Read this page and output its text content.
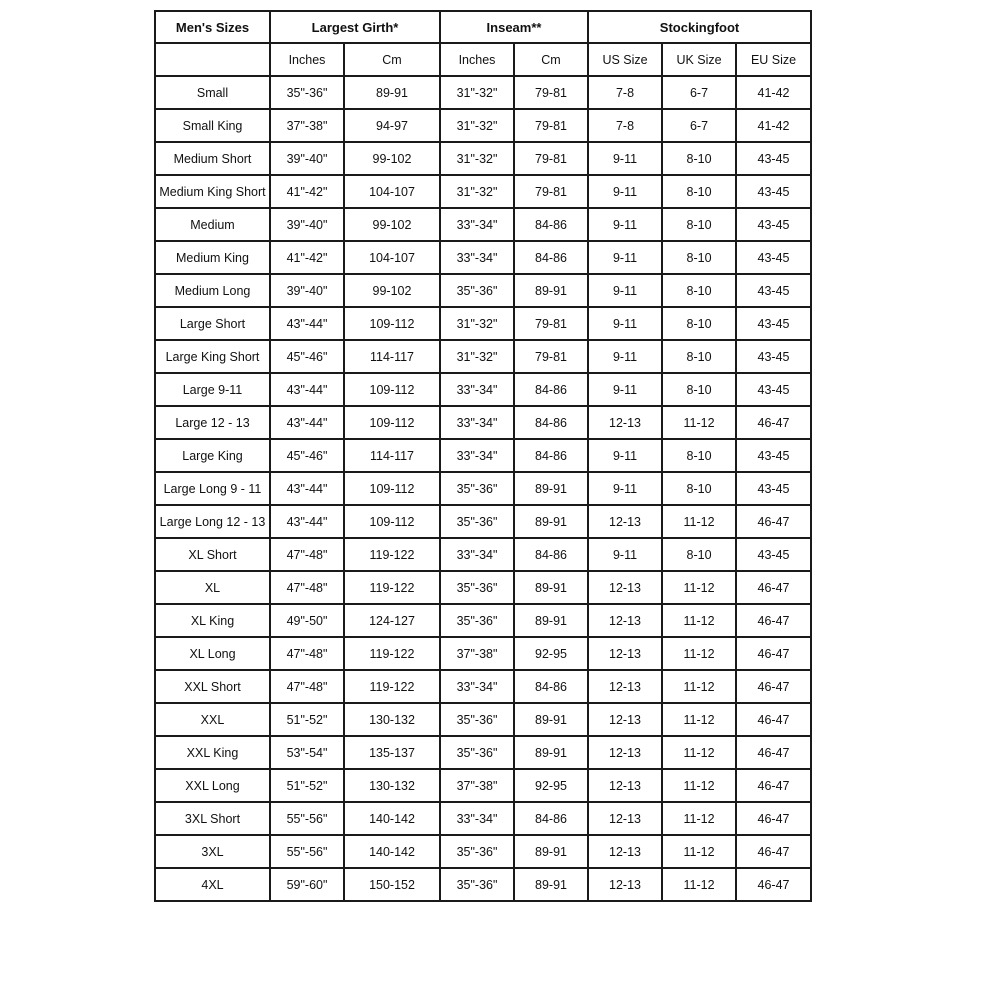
Men's Sizes	Largest Girth*		Inseam**		Stockingfoot		
	Inches	Cm	Inches	Cm	US Size	UK Size	EU Size
Small	35"-36"	89-91	31"-32"	79-81	7-8	6-7	41-42
Small King	37"-38"	94-97	31"-32"	79-81	7-8	6-7	41-42
Medium Short	39"-40"	99-102	31"-32"	79-81	9-11	8-10	43-45
Medium King Short	41"-42"	104-107	31"-32"	79-81	9-11	8-10	43-45
Medium	39"-40"	99-102	33"-34"	84-86	9-11	8-10	43-45
Medium King	41"-42"	104-107	33"-34"	84-86	9-11	8-10	43-45
Medium Long	39"-40"	99-102	35"-36"	89-91	9-11	8-10	43-45
Large Short	43"-44"	109-112	31"-32"	79-81	9-11	8-10	43-45
Large King Short	45"-46"	114-117	31"-32"	79-81	9-11	8-10	43-45
Large 9-11	43"-44"	109-112	33"-34"	84-86	9-11	8-10	43-45
Large 12 - 13	43"-44"	109-112	33"-34"	84-86	12-13	11-12	46-47
Large King	45"-46"	114-117	33"-34"	84-86	9-11	8-10	43-45
Large Long 9 - 11	43"-44"	109-112	35"-36"	89-91	9-11	8-10	43-45
Large Long 12 - 13	43"-44"	109-112	35"-36"	89-91	12-13	11-12	46-47
XL Short	47"-48"	119-122	33"-34"	84-86	9-11	8-10	43-45
XL	47"-48"	119-122	35"-36"	89-91	12-13	11-12	46-47
XL King	49"-50"	124-127	35"-36"	89-91	12-13	11-12	46-47
XL Long	47"-48"	119-122	37"-38"	92-95	12-13	11-12	46-47
XXL Short	47"-48"	119-122	33"-34"	84-86	12-13	11-12	46-47
XXL	51"-52"	130-132	35"-36"	89-91	12-13	11-12	46-47
XXL King	53"-54"	135-137	35"-36"	89-91	12-13	11-12	46-47
XXL Long	51"-52"	130-132	37"-38"	92-95	12-13	11-12	46-47
3XL Short	55"-56"	140-142	33"-34"	84-86	12-13	11-12	46-47
3XL	55"-56"	140-142	35"-36"	89-91	12-13	11-12	46-47
4XL	59"-60"	150-152	35"-36"	89-91	12-13	11-12	46-47
